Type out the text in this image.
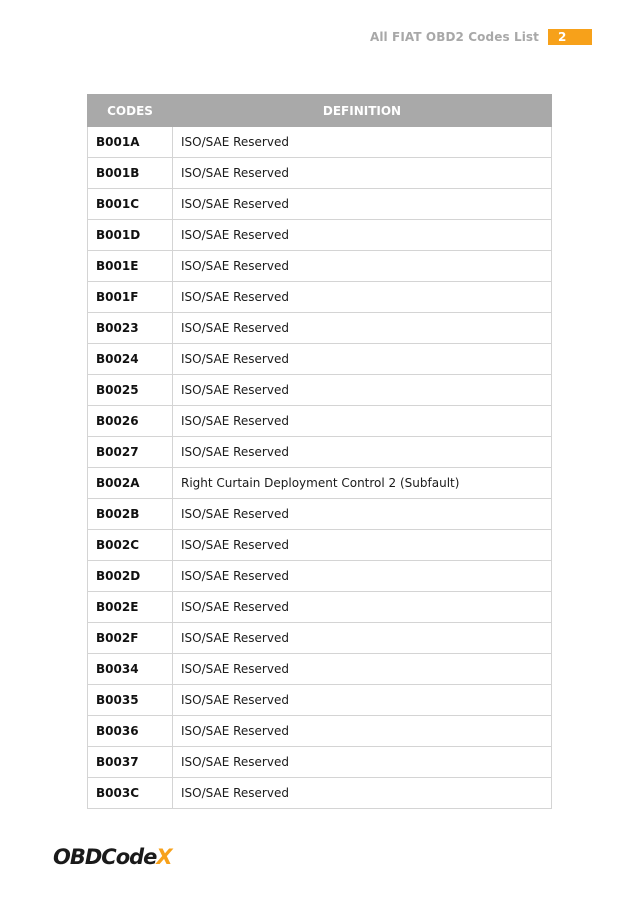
All FIAT OBD2 Codes List	2
CODES	DEFINITION
B001A	ISO/SAE Reserved
B001B	ISO/SAE Reserved
B001C	ISO/SAE Reserved
B001D	ISO/SAE Reserved
B001E	ISO/SAE Reserved
B001F	ISO/SAE Reserved
B0023	ISO/SAE Reserved
B0024	ISO/SAE Reserved
B0025	ISO/SAE Reserved
B0026	ISO/SAE Reserved
B0027	ISO/SAE Reserved
B002A	Right Curtain Deployment Control 2 (Subfault)
B002B	ISO/SAE Reserved
B002C	ISO/SAE Reserved
B002D	ISO/SAE Reserved
B002E	ISO/SAE Reserved
B002F	ISO/SAE Reserved
B0034	ISO/SAE Reserved
B0035	ISO/SAE Reserved
B0036	ISO/SAE Reserved
B0037	ISO/SAE Reserved
B003C	ISO/SAE Reserved
OBDCodeX
